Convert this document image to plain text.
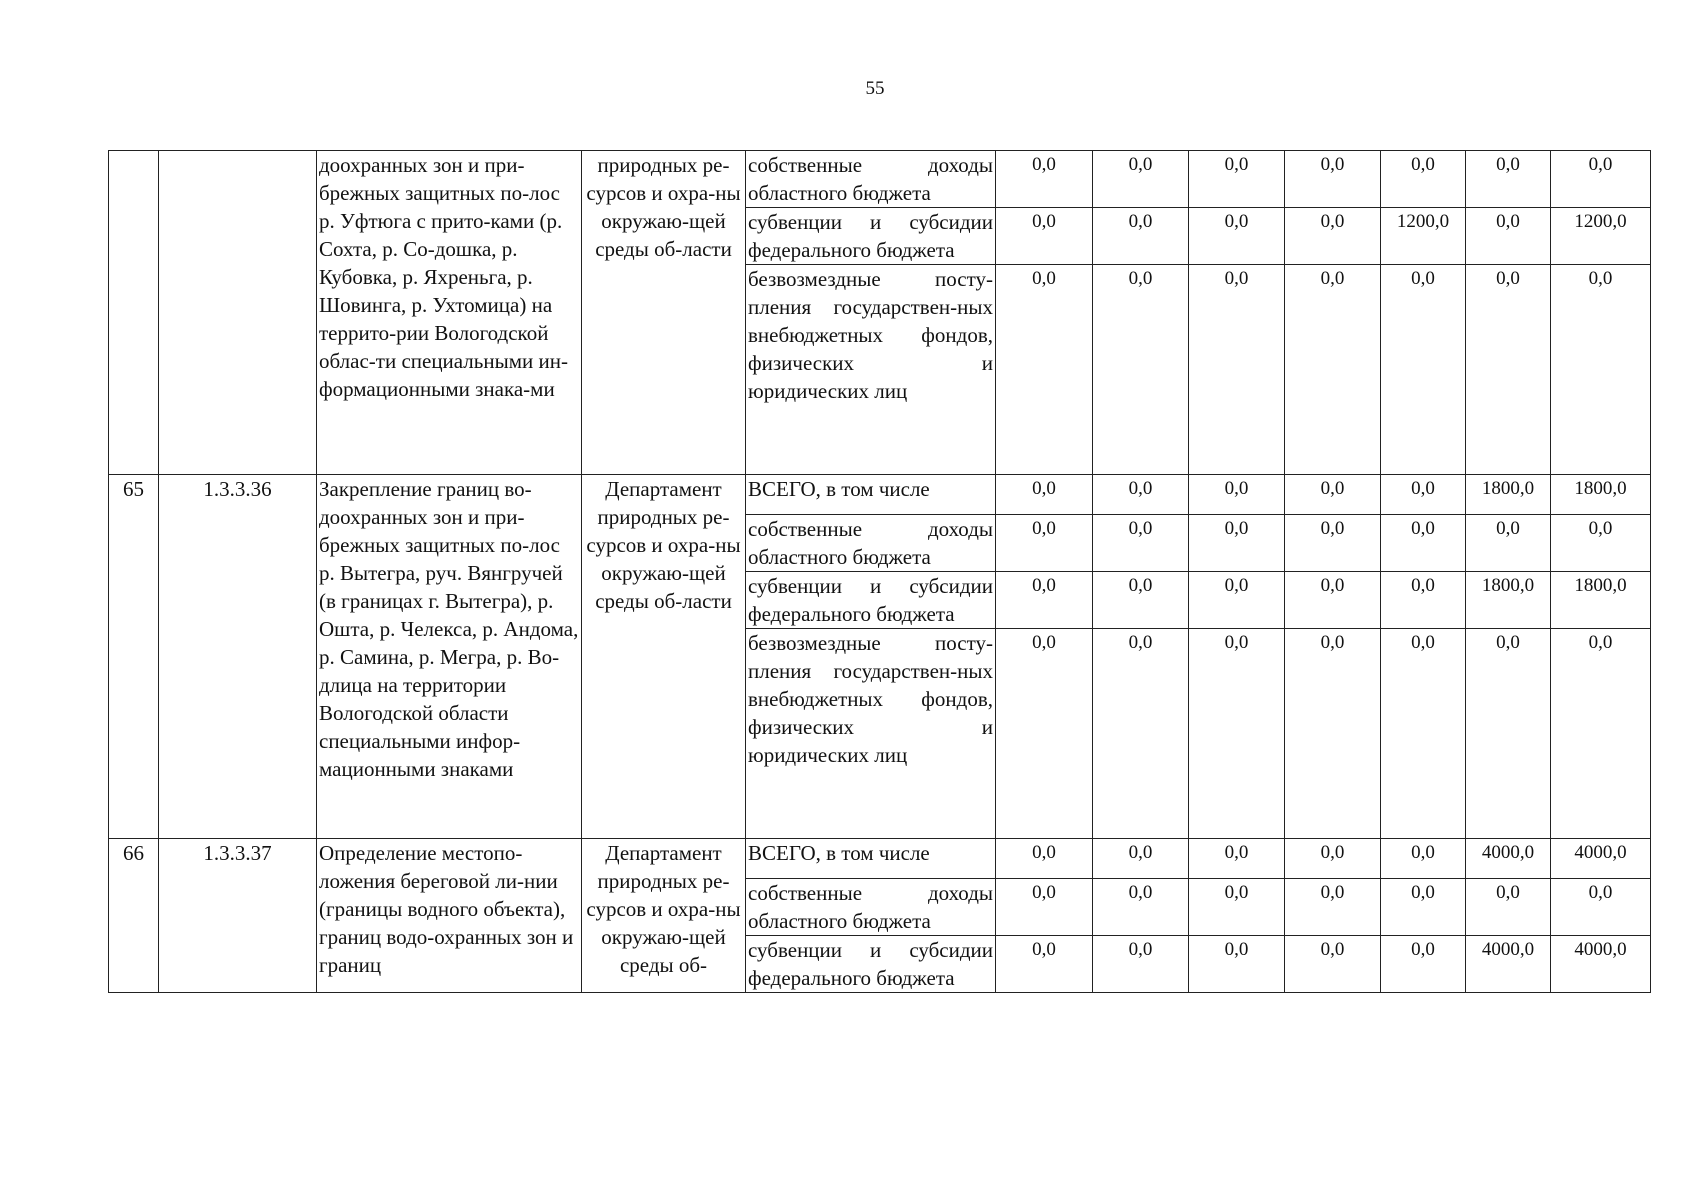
55
		доохранных зон и при-брежных защитных по-лос р. Уфтюга с прито-ками (р. Сохта, р. Со-дошка, р. Кубовка, р. Яхреньга, р. Шовинга, р. Ухтомица) на террито-рии Вологодской облас-ти специальными ин-формационными знака-ми	природных ре-сурсов и охра-ны окружаю-щей среды об-ласти	собственные доходы областного бюджета	0,0	0,0	0,0	0,0	0,0	0,0	0,0
				субвенции и субсидии федерального бюджета	0,0	0,0	0,0	0,0	1200,0	0,0	1200,0
				безвозмездные посту-пления государствен-ных внебюджетных фондов, физических и юридических лиц	0,0	0,0	0,0	0,0	0,0	0,0	0,0
65	1.3.3.36	Закрепление границ во-доохранных зон и при-брежных защитных по-лос р. Вытегра, руч. Вянгручей (в границах г. Вытегра), р. Ошта, р. Челекса, р. Андома, р. Самина, р. Мегра, р. Во-длица на территории Вологодской области специальными инфор-мационными знаками	Департамент природных ре-сурсов и охра-ны окружаю-щей среды об-ласти	ВСЕГО, в том числе	0,0	0,0	0,0	0,0	0,0	1800,0	1800,0
				собственные доходы областного бюджета	0,0	0,0	0,0	0,0	0,0	0,0	0,0
				субвенции и субсидии федерального бюджета	0,0	0,0	0,0	0,0	0,0	1800,0	1800,0
				безвозмездные посту-пления государствен-ных внебюджетных фондов, физических и юридических лиц	0,0	0,0	0,0	0,0	0,0	0,0	0,0
66	1.3.3.37	Определение местопо-ложения береговой ли-нии (границы водного объекта), границ водо-охранных зон и границ	Департамент природных ре-сурсов и охра-ны окружаю-щей среды об-	ВСЕГО, в том числе	0,0	0,0	0,0	0,0	0,0	4000,0	4000,0
				собственные доходы областного бюджета	0,0	0,0	0,0	0,0	0,0	0,0	0,0
				субвенции и субсидии федерального бюджета	0,0	0,0	0,0	0,0	0,0	4000,0	4000,0
